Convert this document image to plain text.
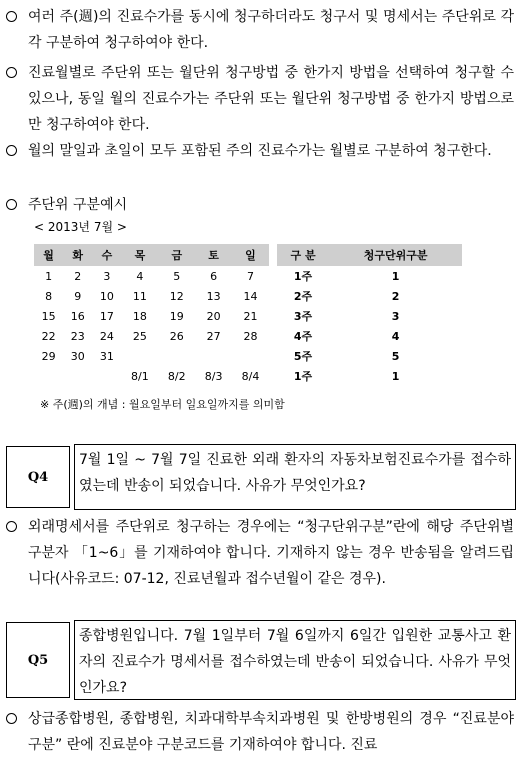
여러 주(週)의 진료수가를 동시에 청구하더라도 청구서 및 명세서는 주단위로 각각 구분하여 청구하여야 한다.
진료월별로 주단위 또는 월단위 청구방법 중 한가지 방법을 선택하여 청구할 수 있으나, 동일 월의 진료수가는 주단위 또는 월단위 청구방법 중 한가지 방법으로만 청구하여야 한다.
월의 말일과 초일이 모두 포함된 주의 진료수가는 월별로 구분하여 청구한다.
주단위 구분예시
< 2013년 7월 >
월	화	수	목	금	토	일		구 분	청구단위구분
1	2	3	4	5	6	7		1주	1
8	9	10	11	12	13	14		2주	2
15	16	17	18	19	20	21		3주	3
22	23	24	25	26	27	28		4주	4
29	30	31						5주	5
			8/1	8/2	8/3	8/4		1주	1
※ 주(週)의 개념 : 월요일부터 일요일까지를 의미함
Q4
7월 1일 ~ 7월 7일 진료한 외래 환자의 자동차보험진료수가를 접수하였는데 반송이 되었습니다. 사유가 무엇인가요?
외래명세서를 주단위로 청구하는 경우에는 “청구단위구분”란에 해당 주단위별 구분자 「1~6」를 기재하여야 합니다. 기재하지 않는 경우 반송됨을 알려드립니다(사유코드: 07-12, 진료년월과 접수년월이 같은 경우).
Q5
종합병원입니다. 7월 1일부터 7월 6일까지 6일간 입원한 교통사고 환자의 진료수가 명세서를 접수하였는데 반송이 되었습니다. 사유가 무엇인가요?
상급종합병원, 종합병원, 치과대학부속치과병원 및 한방병원의 경우 “진료분야구분” 란에 진료분야 구분코드를 기재하여야 합니다. 진료
